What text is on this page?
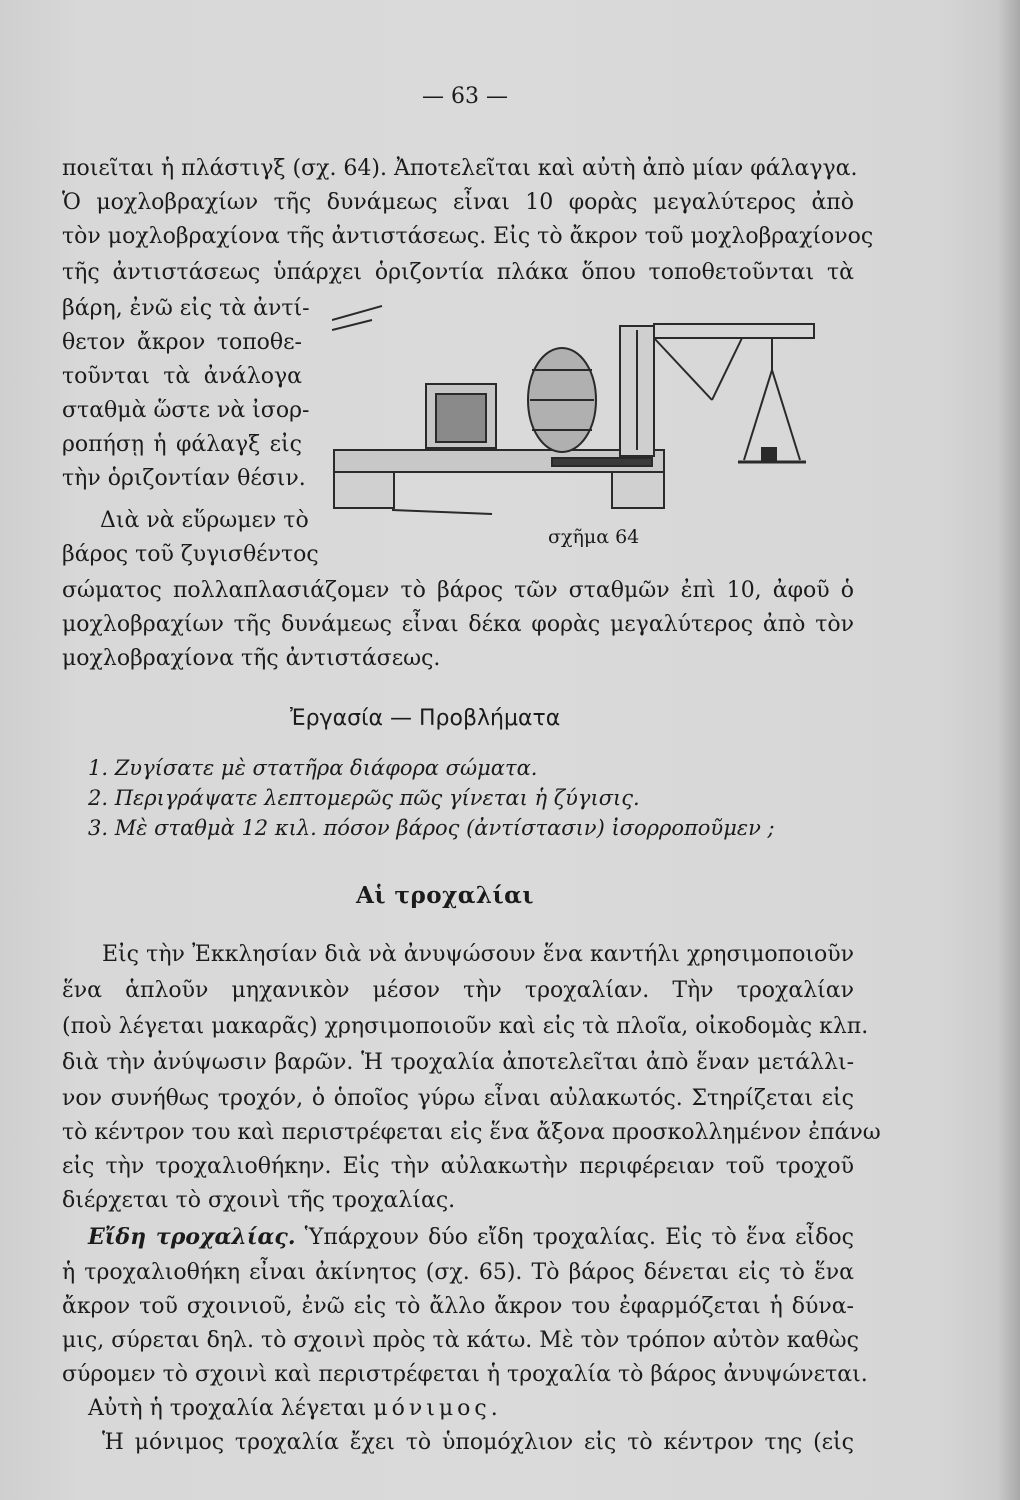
— 63 —
ποιεῖται ἡ πλάστιγξ (σχ. 64). Ἀποτελεῖται καὶ αὐτὴ ἀπὸ μίαν φάλαγγα.
Ὁ μοχλοβραχίων τῆς δυνάμεως εἶναι 10 φορὰς μεγαλύτερος ἀπὸ
τὸν μοχλοβραχίονα τῆς ἀντιστάσεως. Εἰς τὸ ἄκρον τοῦ μοχλοβραχίονος
τῆς ἀντιστάσεως ὑπάρχει ὁριζοντία πλάκα ὅπου τοποθετοῦνται τὰ
βάρη, ἐνῶ εἰς τὰ ἀντί-
θετον ἄκρον τοποθε-
τοῦνται τὰ ἀνάλογα
σταθμὰ ὥστε νὰ ἰσορ-
ροπήσῃ ἡ φάλαγξ εἰς
τὴν ὁριζοντίαν θέσιν.
Διὰ νὰ εὕρωμεν τὸ
βάρος τοῦ ζυγισθέντος
σώματος πολλαπλασιάζομεν τὸ βάρος τῶν σταθμῶν ἐπὶ 10, ἀφοῦ ὁ
μοχλοβραχίων τῆς δυνάμεως εἶναι δέκα φορὰς μεγαλύτερος ἀπὸ τὸν
μοχλοβραχίονα τῆς ἀντιστάσεως.
σχῆμα 64
Ἐργασία — Προβλήματα
1. Ζυγίσατε μὲ στατῆρα διάφορα σώματα.
2. Περιγράψατε λεπτομερῶς πῶς γίνεται ἡ ζύγισις.
3. Μὲ σταθμὰ 12 κιλ. πόσον βάρος (ἀντίστασιν) ἰσορροποῦμεν ;
Αἱ τροχαλίαι
Εἰς τὴν Ἐκκλησίαν διὰ νὰ ἀνυψώσουν ἕνα καντήλι χρησιμοποιοῦν
ἕνα ἁπλοῦν μηχανικὸν μέσον τὴν τροχαλίαν. Τὴν τροχαλίαν
(ποὺ λέγεται μακαρᾶς) χρησιμοποιοῦν καὶ εἰς τὰ πλοῖα, οἰκοδομὰς κλπ.
διὰ τὴν ἀνύψωσιν βαρῶν. Ἡ τροχαλία ἀποτελεῖται ἀπὸ ἕναν μετάλλι-
νον συνήθως τροχόν, ὁ ὁποῖος γύρω εἶναι αὐλακωτός. Στηρίζεται εἰς
τὸ κέντρον του καὶ περιστρέφεται εἰς ἕνα ἄξονα προσκολλημένον ἐπάνω
εἰς τὴν τροχαλιοθήκην. Εἰς τὴν αὐλακωτὴν περιφέρειαν τοῦ τροχοῦ
διέρχεται τὸ σχοινὶ τῆς τροχαλίας.
Εἴδη τροχαλίας. Ὑπάρχουν δύο εἴδη τροχαλίας. Εἰς τὸ ἕνα εἶδος
ἡ τροχαλιοθήκη εἶναι ἀκίνητος (σχ. 65). Τὸ βάρος δένεται εἰς τὸ ἕνα
ἄκρον τοῦ σχοινιοῦ, ἐνῶ εἰς τὸ ἄλλο ἄκρον του ἐφαρμόζεται ἡ δύνα-
μις, σύρεται δηλ. τὸ σχοινὶ πρὸς τὰ κάτω. Μὲ τὸν τρόπον αὐτὸν καθὼς
σύρομεν τὸ σχοινὶ καὶ περιστρέφεται ἡ τροχαλία τὸ βάρος ἀνυψώνεται.
Αὐτὴ ἡ τροχαλία λέγεται μόνιμος.
Ἡ μόνιμος τροχαλία ἔχει τὸ ὑπομόχλιον εἰς τὸ κέντρον της (εἰς
